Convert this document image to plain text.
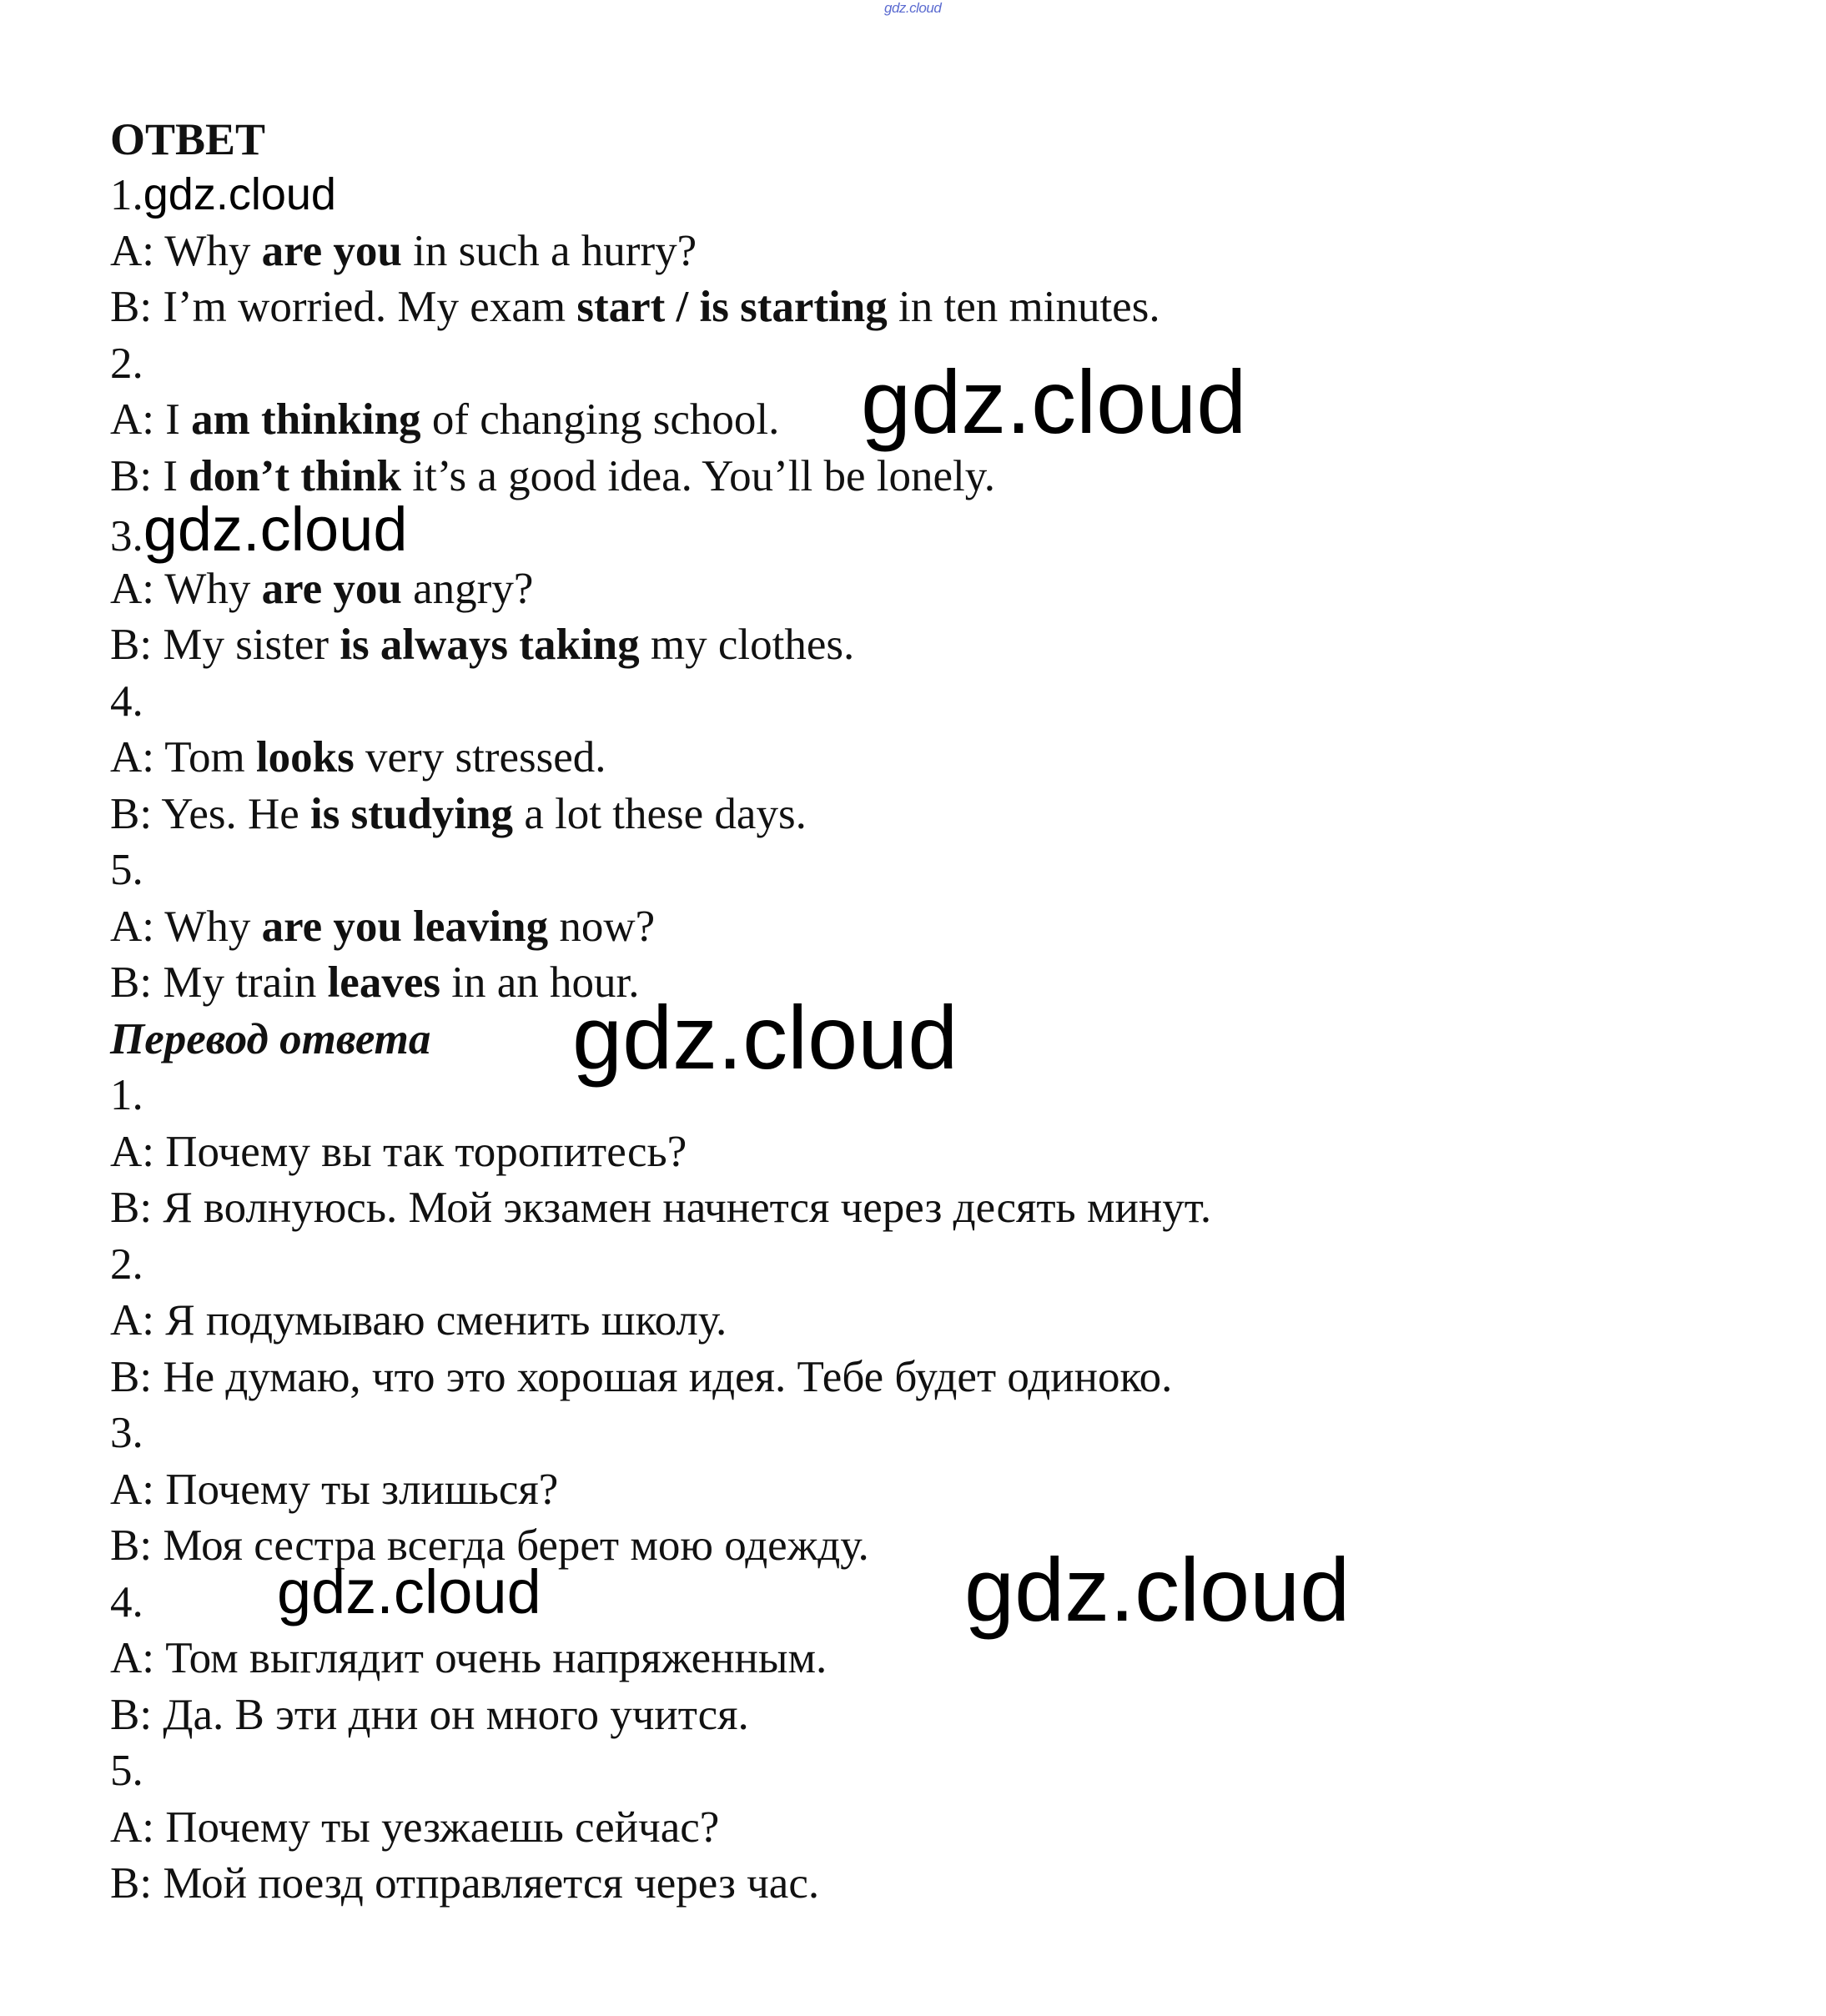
gdz.cloud
ОТВЕТ
1.gdz.cloud
A: Why are you in such a hurry?
B: I’m worried. My exam start / is starting in ten minutes.
2.
A: I am thinking of changing school.
B: I don’t think it’s a good idea. You’ll be lonely.
3.gdz.cloud
A: Why are you angry?
B: My sister is always taking my clothes.
4.
A: Tom looks very stressed.
B: Yes. He is studying a lot these days.
5.
A: Why are you leaving now?
B: My train leaves in an hour.
Перевод ответа
1.
A: Почему вы так торопитесь?
B: Я волнуюсь. Мой экзамен начнется через десять минут.
2.
A: Я подумываю сменить школу.
B: Не думаю, что это хорошая идея. Тебе будет одиноко.
3.
A: Почему ты злишься?
B: Моя сестра всегда берет мою одежду.
4.
A: Том выглядит очень напряженным.
B: Да. В эти дни он много учится.
5.
A: Почему ты уезжаешь сейчас?
B: Мой поезд отправляется через час.
gdz.cloud
gdz.cloud
gdz.cloud	gdz.cloud
